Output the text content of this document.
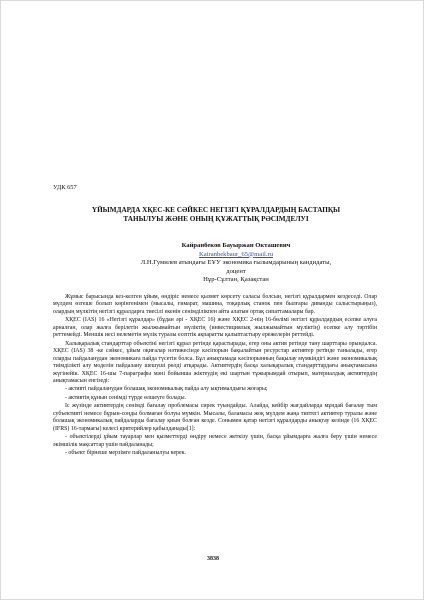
УДК 657
ҮЙЫМДАРДА ХҚЕС-КЕ СӘЙКЕС НЕГІЗГІ ҚҰРАЛДАРДЫҢ БАСТАПҚЫ
ТАНЫЛУЫ ЖӘНЕ ОНЫҢ ҚҰЖАТТЫҚ РӘСІМДЕЛУІ
Кайранбеков Бауыржан Окташевич
Kairanbekbaur_65@mail.ru
Л.Н.Гумилев атындағы ЕҰУ экономика ғылымдарының кандидаты, доцент
Нұр-Сұлтан, Қазақстан

Жұмыс барысында кез-келген ұйым, өндіріс немесе қызмет көрсету саласы болсын, негізгі құралдармен кездеседі. Олар мүлдем өзгеше болып көрінгенімен (мысалы, ғимарат, машина, тоқарлық станок пен былғары диванды салыстырыңыз), олардың мүлкітің негізгі құралдарға тиесілі екенін сенімділікпен айта алатын ортақ сипаттамалары бар.

ХҚЕС (IAS) 16 «Негізгі құралдар» (бұдан әрі - ХҚЕС 16) және ХҚЕС 2-нің 16-бөлімі негізгі құралдардың есепке алуға арналған, олар жалға берілетін жылжымайтын мүліктің (инвестициялық жылжымайтын мүліктің) есепке алу тәртібін реттемейді. Меншік иесі нелеметін мүлік туралы есептік ақпаратты қалыптастыру ережелерін реттейді.

Халықаралық стандарттар объектіні негізгі құрал ретінде қарастырады, егер оны актив ретінде тану шарттары орындалса. ХҚЕС (IAS) 38 -ке сәйкес, ұйым оқиғалар нәтижесінде кәсіпорын бақылайтын ресурстар активтер ретінде танылады, егер оларды пайдаланудан экономикаға пайда түсетін болса. Бұл анықтамада кәсіпорынның бақылау мүмкіндігі және экономикалық тиімділікті алу моделін пайдалану шешуші рөлді атқарады. Активтердің басқа халықаралық стандарттардағы анықтамасына жүгінейік. ХҚЕС 16-шы 7-параграфы мәні бойынша жіктеудің екі шартын тұжырымдай отырып, материалдық активтердің анықтамасын енгізеді:

- активті пайдаланудан болашақ экономикалық пайда алу ықтималдығы жоғары;

- активтің құнын сенімді түрде өлшеуге болады.

Іс жүзінде активтердің сенімді бағалау проблемасы сирек туындайды. Алайда, кейбір жағдайларда мұндай бағалау тым субъективті немесе бұрын-соңды болмаған болуы мүмкін. Мысалы, баламасы жоқ мүлдем жаңа типтегі активтер туралы және болашақ экономикалық пайдаларды бағалау қиын болған кезде. Сонымен қатар негізгі құралдарды анықтау кезінде (16 ХҚЕС (IFRS) 16-тармағы) келесі критерийлер қабылданады[1]:

- объектілерді ұйым тауарлар мен қызметтерді өндіру немесе жеткізу үшін, басқа ұйымдарға жалға беру үшін немесе әкімшілік мақсаттар үшін пайдаланады;

- объект бірнеше мерзімге пайдаланылуы керек.

3838
